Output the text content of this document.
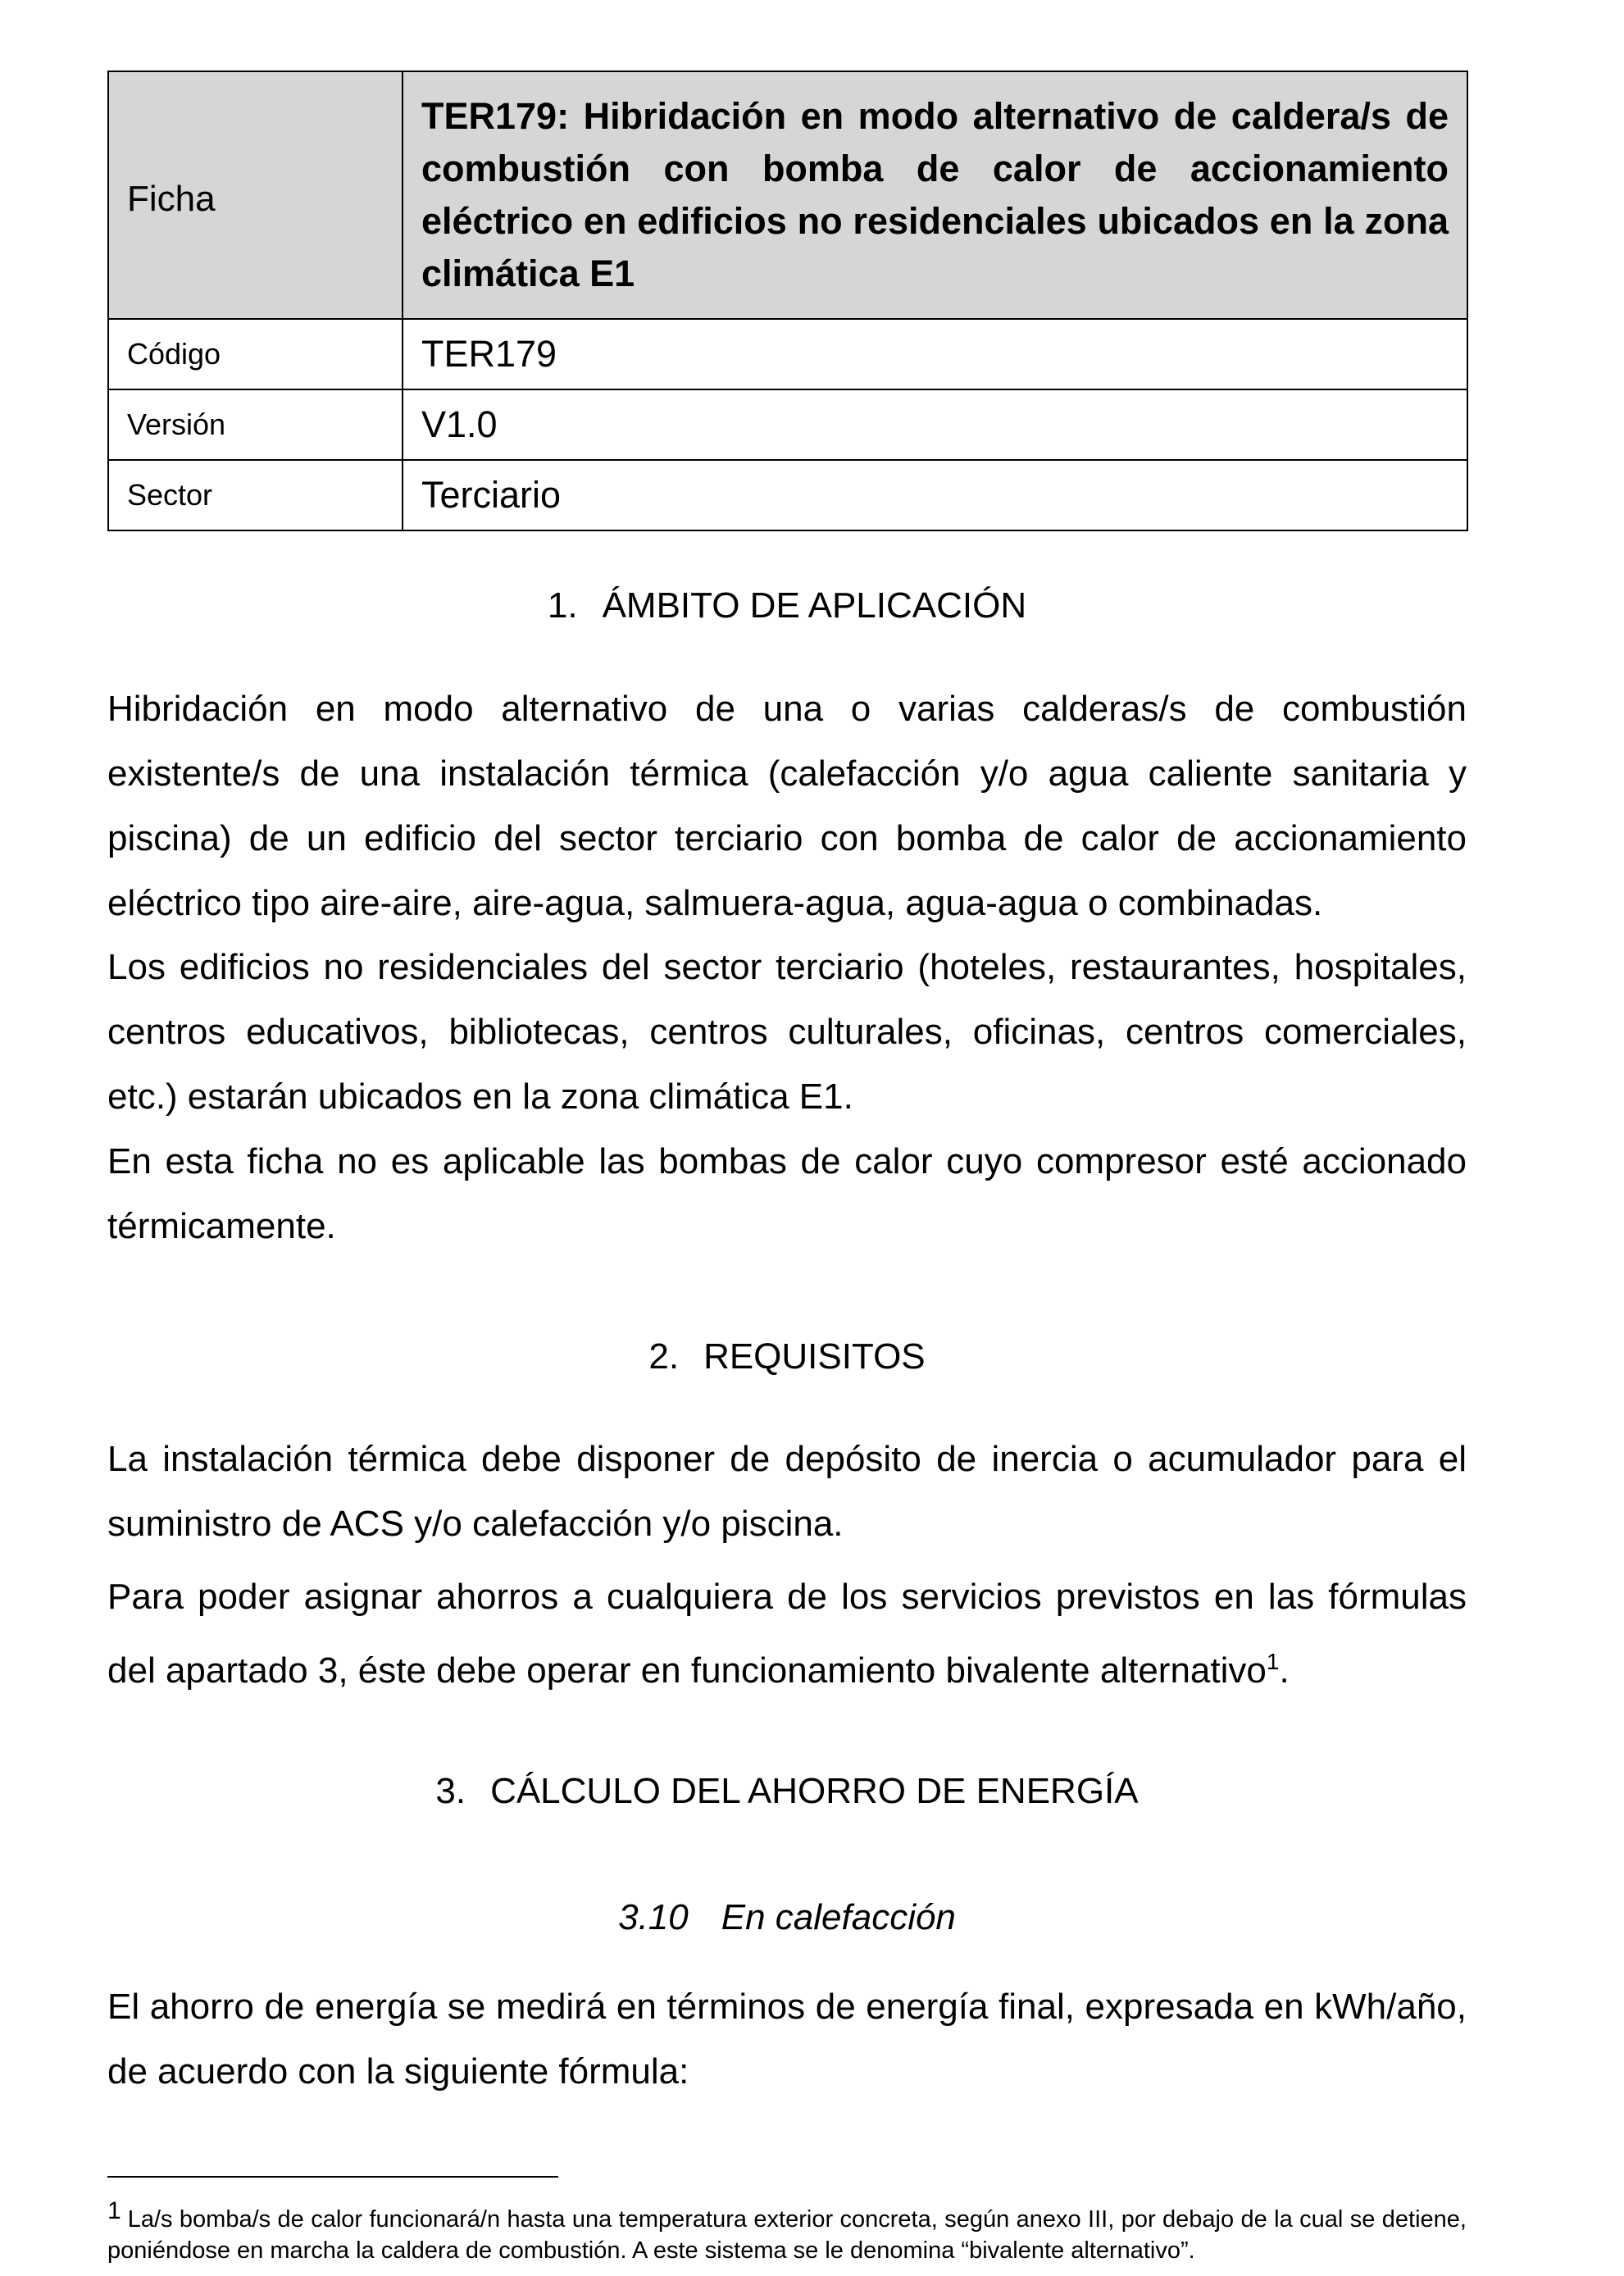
Ficha	TER179: Hibridación en modo alternativo de caldera/s de combustión con bomba de calor de accionamiento eléctrico en edificios no residenciales ubicados en la zona climática E1
Código	TER179
Versión	V1.0
Sector	Terciario
1. ÁMBITO DE APLICACIÓN

Hibridación en modo alternativo de una o varias calderas/s de combustión existente/s de una instalación térmica (calefacción y/o agua caliente sanitaria y piscina) de un edificio del sector terciario con bomba de calor de accionamiento eléctrico tipo aire-aire, aire-agua, salmuera-agua, agua-agua o combinadas.

Los edificios no residenciales del sector terciario (hoteles, restaurantes, hospitales, centros educativos, bibliotecas, centros culturales, oficinas, centros comerciales, etc.) estarán ubicados en la zona climática E1.

En esta ficha no es aplicable las bombas de calor cuyo compresor esté accionado térmicamente.

2. REQUISITOS

La instalación térmica debe disponer de depósito de inercia o acumulador para el suministro de ACS y/o calefacción y/o piscina.

Para poder asignar ahorros a cualquiera de los servicios previstos en las fórmulas del apartado 3, éste debe operar en funcionamiento bivalente alternativo$^1$.

3. CÁLCULO DEL AHORRO DE ENERGÍA
3.10 En calefacción

El ahorro de energía se medirá en términos de energía final, expresada en kWh/año, de acuerdo con la siguiente fórmula:

$^1$ La/s bomba/s de calor funcionará/n hasta una temperatura exterior concreta, según anexo III, por debajo de la cual se detiene, poniéndose en marcha la caldera de combustión. A este sistema se le denomina “bivalente alternativo”.
